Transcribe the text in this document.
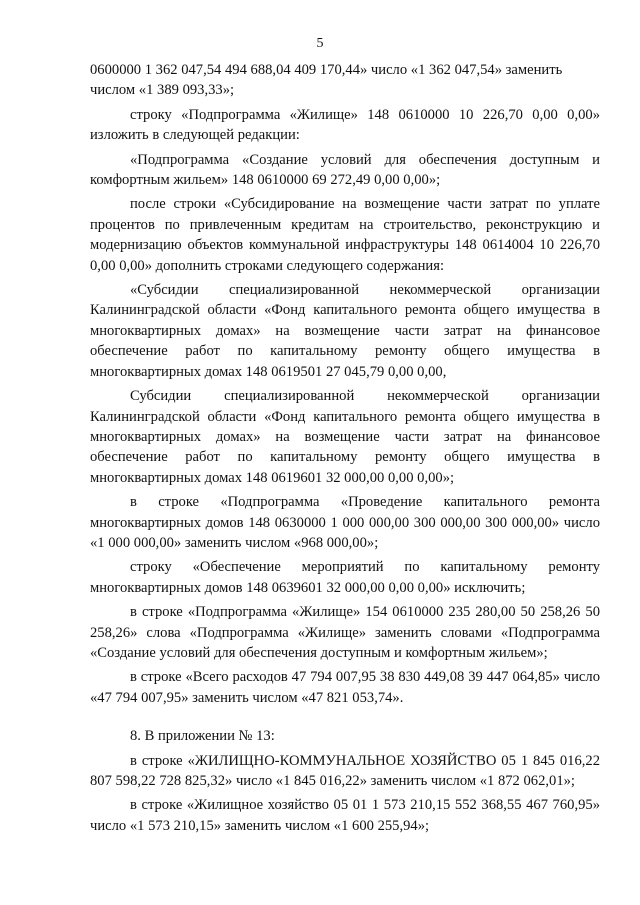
5

0600000 1 362 047,54 494 688,04 409 170,44» число «1 362 047,54» заменить числом «1 389 093,33»;

строку «Подпрограмма «Жилище» 148 0610000 10 226,70 0,00 0,00» изложить в следующей редакции:

«Подпрограмма «Создание условий для обеспечения доступным и комфортным жильем» 148 0610000 69 272,49 0,00 0,00»;

после строки «Субсидирование на возмещение части затрат по уплате процентов по привлеченным кредитам на строительство, реконструкцию и модернизацию объектов коммунальной инфраструктуры 148 0614004 10 226,70 0,00 0,00» дополнить строками следующего содержания:

«Субсидии специализированной некоммерческой организации Калининградской области «Фонд капитального ремонта общего имущества в многоквартирных домах» на возмещение части затрат на финансовое обеспечение работ по капитальному ремонту общего имущества в многоквартирных домах 148 0619501 27 045,79 0,00 0,00,

Субсидии специализированной некоммерческой организации Калининградской области «Фонд капитального ремонта общего имущества в многоквартирных домах» на возмещение части затрат на финансовое обеспечение работ по капитальному ремонту общего имущества в многоквартирных домах 148 0619601 32 000,00 0,00 0,00»;

в строке «Подпрограмма «Проведение капитального ремонта многоквартирных домов 148 0630000 1 000 000,00 300 000,00 300 000,00» число «1 000 000,00» заменить числом «968 000,00»;

строку «Обеспечение мероприятий по капитальному ремонту многоквартирных домов 148 0639601 32 000,00 0,00 0,00» исключить;

в строке «Подпрограмма «Жилище» 154 0610000 235 280,00 50 258,26 50 258,26» слова «Подпрограмма «Жилище» заменить словами «Подпрограмма «Создание условий для обеспечения доступным и комфортным жильем»;

в строке «Всего расходов 47 794 007,95 38 830 449,08 39 447 064,85» число «47 794 007,95» заменить числом «47 821 053,74».

8. В приложении № 13:

в строке «ЖИЛИЩНО-КОММУНАЛЬНОЕ ХОЗЯЙСТВО 05 1 845 016,22 807 598,22 728 825,32» число «1 845 016,22» заменить числом «1 872 062,01»;

в строке «Жилищное хозяйство 05 01 1 573 210,15 552 368,55 467 760,95» число «1 573 210,15» заменить числом «1 600 255,94»;
